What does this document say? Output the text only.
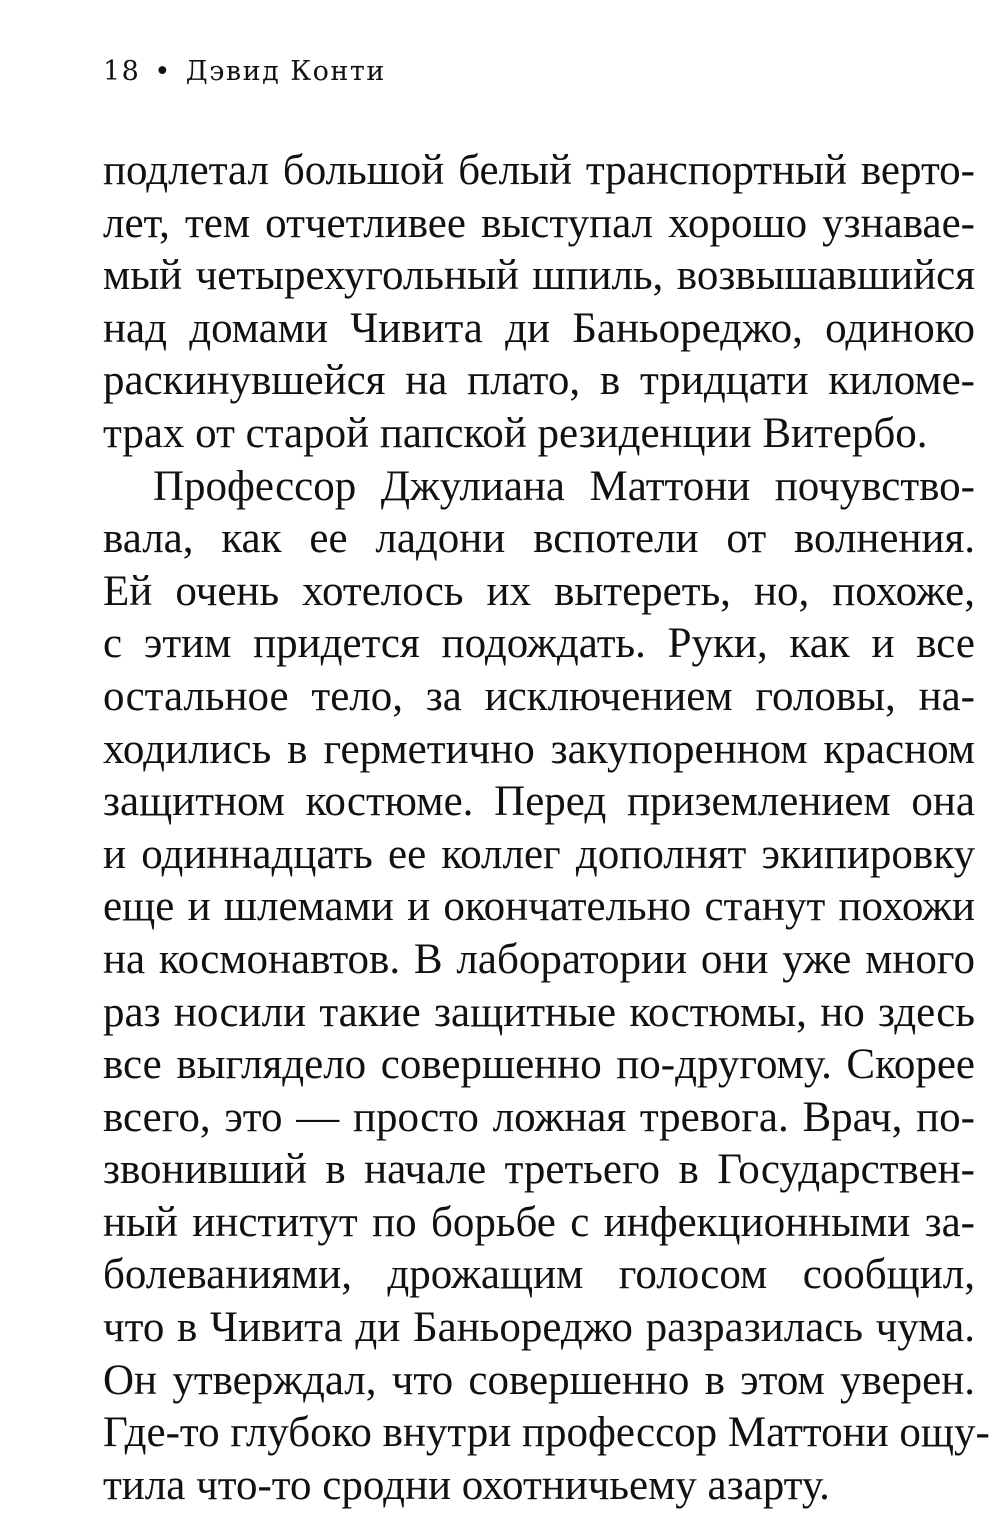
18 • Дэвид Конти
подлетал большой белый транспортный верто-
лет, тем отчетливее выступал хорошо узнавае-
мый четырехугольный шпиль, возвышавшийся
над домами Чивита ди Баньореджо, одиноко
раскинувшейся на плато, в тридцати киломе-
трах от старой папской резиденции Витербо.
Профессор Джулиана Маттони почувство-
вала, как ее ладони вспотели от волнения.
Ей очень хотелось их вытереть, но, похоже,
с этим придется подождать. Руки, как и все
остальное тело, за исключением головы, на-
ходились в герметично закупоренном красном
защитном костюме. Перед приземлением она
и одиннадцать ее коллег дополнят экипировку
еще и шлемами и окончательно станут похожи
на космонавтов. В лаборатории они уже много
раз носили такие защитные костюмы, но здесь
все выглядело совершенно по-другому. Скорее
всего, это — просто ложная тревога. Врач, по-
звонивший в начале третьего в Государствен-
ный институт по борьбе с инфекционными за-
болеваниями, дрожащим голосом сообщил,
что в Чивита ди Баньореджо разразилась чума.
Он утверждал, что совершенно в этом уверен.
Где-то глубоко внутри профессор Маттони ощу-
тила что-то сродни охотничьему азарту.
